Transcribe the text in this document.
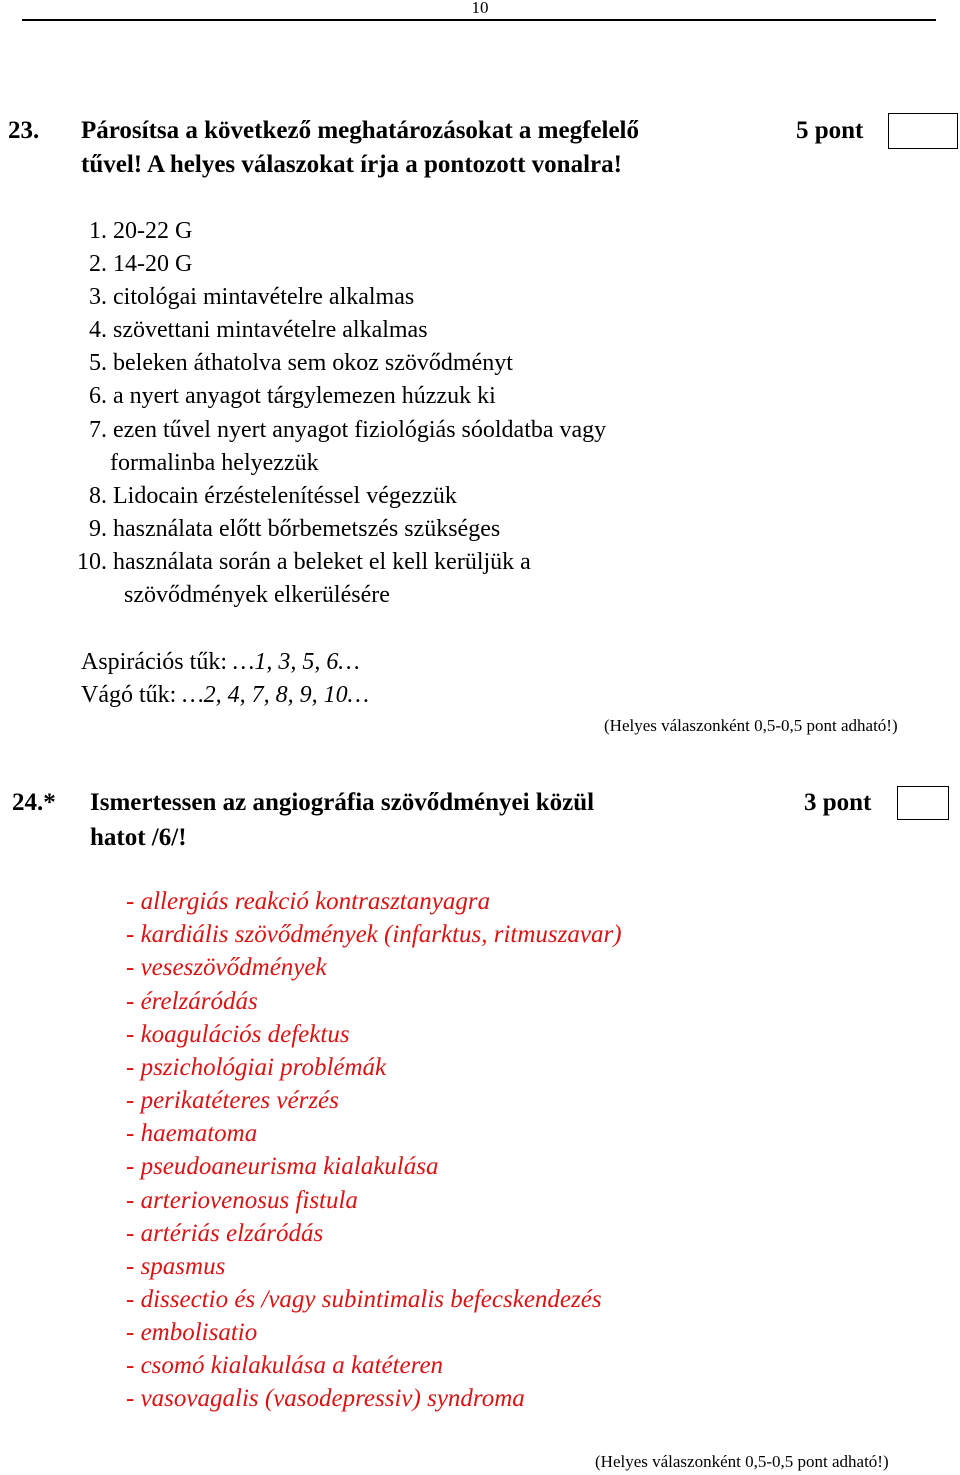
10
23. Párosítsa a következő meghatározásokat a megfelelő
tűvel! A helyes válaszokat írja a pontozott vonalra!
5 pont
1. 20-22 G
2. 14-20 G
3. citológai mintavételre alkalmas
4. szövettani mintavételre alkalmas
5. beleken áthatolva sem okoz szövődményt
6. a nyert anyagot tárgylemezen húzzuk ki
7. ezen tűvel nyert anyagot fiziológiás sóoldatba vagy
formalinba helyezzük
8. Lidocain érzéstelenítéssel végezzük
9. használata előtt bőrbemetszés szükséges
10. használata során a beleket el kell kerüljük a
szövődmények elkerülésére
Aspirációs tűk: …1, 3, 5, 6…
Vágó tűk: …2, 4, 7, 8, 9, 10…
(Helyes válaszonként 0,5-0,5 pont adható!)
24.* Ismertessen az angiográfia szövődményei közül
hatot /6/!
3 pont
- allergiás reakció kontrasztanyagra
- kardiális szövődmények (infarktus, ritmuszavar)
- veseszövődmények
- érelzáródás
- koagulációs defektus
- pszichológiai problémák
- perikatéteres vérzés
- haematoma
- pseudoaneurisma kialakulása
- arteriovenosus fistula
- artériás elzáródás
- spasmus
- dissectio és /vagy subintimalis befecskendezés
- embolisatio
- csomó kialakulása a katéteren
- vasovagalis (vasodepressiv) syndroma
(Helyes válaszonként 0,5-0,5 pont adható!)
